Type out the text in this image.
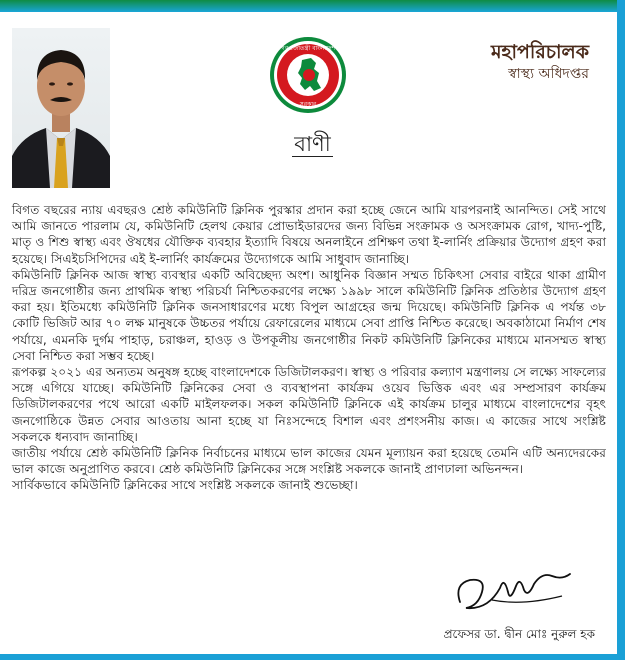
গণপ্রজাতন্ত্রী বাংলাদেশ
সরকার
মহাপরিচালক
স্বাস্থ্য অধিদপ্তর
বাণী

বিগত বছরের ন্যায় এবছরও শ্রেষ্ঠ কমিউনিটি ক্লিনিক পুরস্কার প্রদান করা হচ্ছে জেনে আমি যারপরনাই আনন্দিত। সেই সাথে আমি জানতে পারলাম যে, কমিউনিটি হেলথ কেয়ার প্রোভাইডারদের জন্য বিভিন্ন সংক্রামক ও অসংক্রামক রোগ, খাদ্য-পুষ্টি, মাতৃ ও শিশু স্বাস্থ্য এবং ঔষধের যৌক্তিক ব্যবহার ইত্যাদি বিষয়ে অনলাইনে প্রশিক্ষণ তথা ই-লার্নিং প্রক্রিয়ার উদ্যোগ গ্রহণ করা হয়েছে। সিএইচসিপিদের এই ই-লার্নিং কার্যক্রমের উদ্যোগকে আমি সাধুবাদ জানাচ্ছি।

কমিউনিটি ক্লিনিক আজ স্বাস্থ্য ব্যবস্থার একটি অবিচ্ছেদ্য অংশ। আধুনিক বিজ্ঞান সম্মত চিকিৎসা সেবার বাইরে থাকা গ্রামীণ দরিদ্র জনগোষ্ঠীর জন্য প্রাথমিক স্বাস্থ্য পরিচর্যা নিশ্চিতকরণের লক্ষ্যে ১৯৯৮ সালে কমিউনিটি ক্লিনিক প্রতিষ্ঠার উদ্যোগ গ্রহণ করা হয়। ইতিমধ্যে কমিউনিটি ক্লিনিক জনসাধারণের মধ্যে বিপুল আগ্রহের জন্ম দিয়েছে। কমিউনিটি ক্লিনিক এ পর্যন্ত ৩৮ কোটি ভিজিট আর ৭০ লক্ষ মানুষকে উচ্চতর পর্যায়ে রেফারেলের মাধ্যমে সেবা প্রাপ্তি নিশ্চিত করেছে। অবকাঠামো নির্মাণ শেষ পর্যায়ে, এমনকি দুর্গম পাহাড়, চরাঞ্চল, হাওড় ও উপকূলীয় জনগোষ্ঠীর নিকট কমিউনিটি ক্লিনিকের মাধ্যমে মানসম্মত স্বাস্থ্য সেবা নিশ্চিত করা সম্ভব হচ্ছে।

রূপকল্প ২০২১ এর অন্যতম অনুষঙ্গ হচ্ছে বাংলাদেশকে ডিজিটালকরণ। স্বাস্থ্য ও পরিবার কল্যাণ মন্ত্রণালয় সে লক্ষ্যে সাফল্যের সঙ্গে এগিয়ে যাচ্ছে। কমিউনিটি ক্লিনিকের সেবা ও ব্যবস্থাপনা কার্যক্রম ওয়েব ভিত্তিক এবং এর সম্প্রসারণ কার্যক্রম ডিজিটালকরণের পথে আরো একটি মাইলফলক। সকল কমিউনিটি ক্লিনিকে এই কার্যক্রম চালুর মাধ্যমে বাংলাদেশের বৃহৎ জনগোষ্ঠিকে উন্নত সেবার আওতায় আনা হচ্ছে যা নিঃসন্দেহে বিশাল এবং প্রশংসনীয় কাজ। এ কাজের সাথে সংশ্লিষ্ট সকলকে ধন্যবাদ জানাচ্ছি।

জাতীয় পর্যায়ে শ্রেষ্ঠ কমিউনিটি ক্লিনিক নির্বাচনের মাধ্যমে ভাল কাজের যেমন মূল্যায়ন করা হয়েছে তেমনি এটি অন্যদেরকের ভাল কাজে অনুপ্রাণিত করবে। শ্রেষ্ঠ কমিউনিটি ক্লিনিকের সঙ্গে সংশ্লিষ্ট সকলকে জানাই প্রাণঢালা অভিনন্দন।

সার্বিকভাবে কমিউনিটি ক্লিনিকের সাথে সংশ্লিষ্ট সকলকে জানাই শুভেচ্ছা।

প্রফেসর ডা. দ্বীন মোঃ নুরুল হক
